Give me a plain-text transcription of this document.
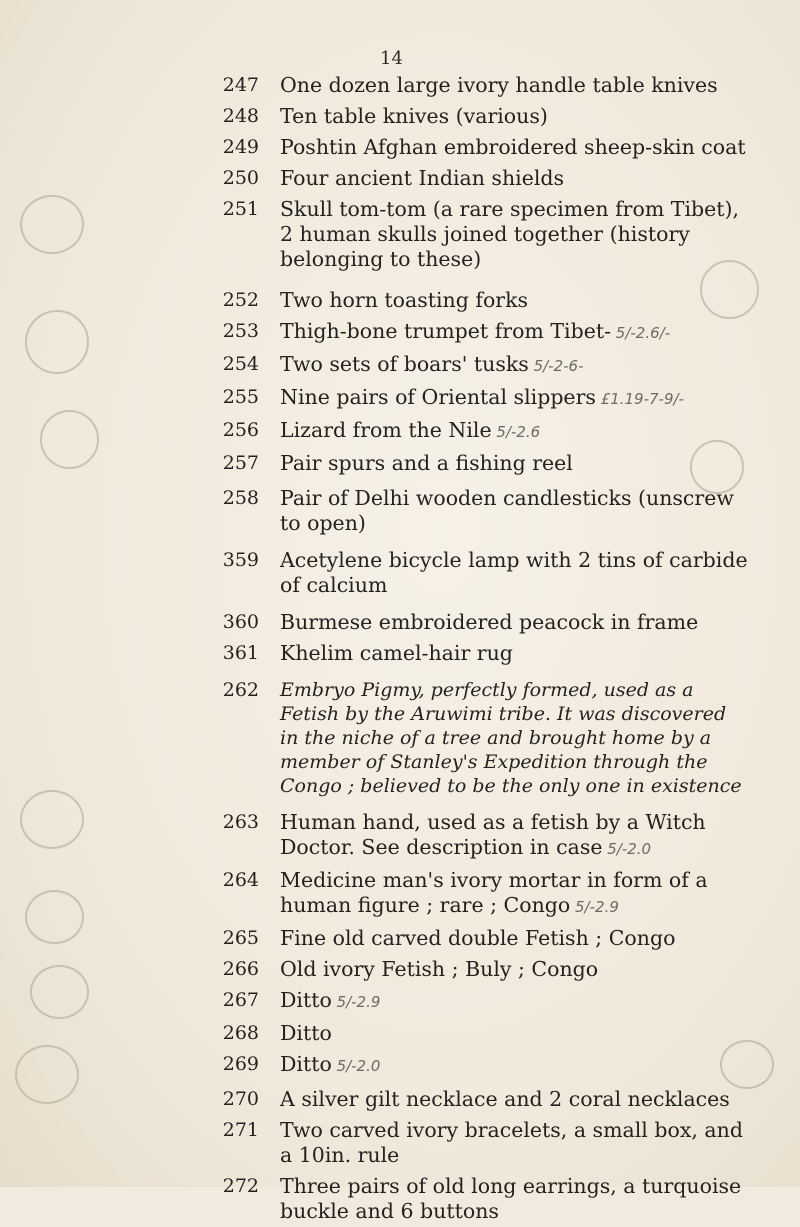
14
247 One dozen large ivory handle table knives
248 Ten table knives (various)
249 Poshtin Afghan embroidered sheep-skin coat
250 Four ancient Indian shields
251 Skull tom-tom (a rare specimen from Tibet), 2 human skulls joined together (history belonging to these)
252 Two horn toasting forks
253 Thigh-bone trumpet from Tibet- 5/-2.6/-
254 Two sets of boars' tusks 5/-2-6-
255 Nine pairs of Oriental slippers £1.19-7-9/-
256 Lizard from the Nile 5/-2.6
257 Pair spurs and a fishing reel
258 Pair of Delhi wooden candlesticks (unscrew to open)
359 Acetylene bicycle lamp with 2 tins of carbide of calcium
360 Burmese embroidered peacock in frame
361 Khelim camel-hair rug
262 Embryo Pigmy, perfectly formed, used as a Fetish by the Aruwimi tribe. It was discovered in the niche of a tree and brought home by a member of Stanley's Expedition through the Congo ; believed to be the only one in existence
263 Human hand, used as a fetish by a Witch Doctor. See description in case 5/-2.0
264 Medicine man's ivory mortar in form of a human figure ; rare ; Congo 5/-2.9
265 Fine old carved double Fetish ; Congo
266 Old ivory Fetish ; Buly ; Congo
267 Ditto 5/-2.9
268 Ditto
269 Ditto 5/-2.0
270 A silver gilt necklace and 2 coral necklaces
271 Two carved ivory bracelets, a small box, and a 10in. rule
272 Three pairs of old long earrings, a turquoise buckle and 6 buttons
